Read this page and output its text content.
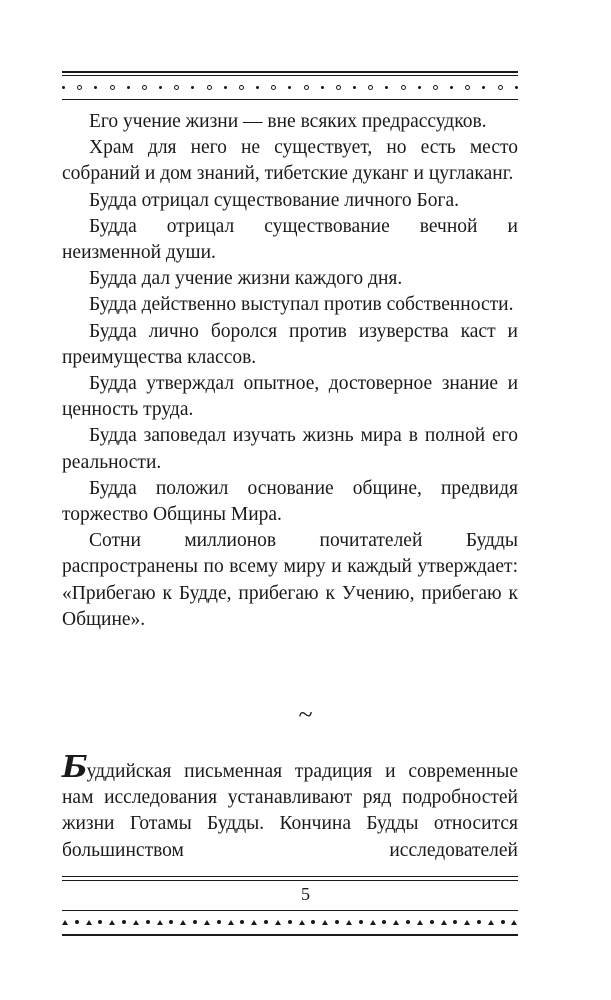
Его учение жизни — вне всяких предрассудков.

Храм для него не существует, но есть место собраний и дом знаний, тибетские дуканг и цуглаканг.

Будда отрицал существование личного Бога.

Будда отрицал существование вечной и неизменной души.

Будда дал учение жизни каждого дня.

Будда действенно выступал против собственности.

Будда лично боролся против изуверства каст и преимущества классов.

Будда утверждал опытное, достоверное знание и ценность труда.

Будда заповедал изучать жизнь мира в полной его реальности.

Будда положил основание общине, предвидя торжество Общины Мира.

Сотни миллионов почитателей Будды распространены по всему миру и каждый утверждает: «Прибегаю к Будде, прибегаю к Учению, прибегаю к Общине».

~

Буддийская письменная традиция и современные нам исследования устанавливают ряд подробностей жизни Готамы Будды. Кончина Будды относится большинством исследователей

5
